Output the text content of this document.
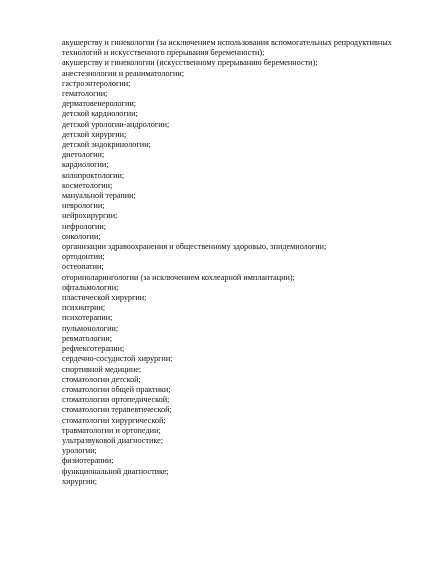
акушерству и гинекологии (за исключением использования вспомогательных репродуктивных технологий и искусственного прерывания беременности);
акушерству и гинекологии (искусственному прерыванию беременности);
анестезиологии и реаниматологии;
гастроэнтерологии;
гематологии;
дерматовенерологии;
детской кардиологии;
детской урологии-андрологии;
детской хирургии;
детской эндокринологии;
диетологии;
кардиологии;
колопроктологии;
косметологии;
мануальной терапии;
неврологии;
нейрохирургии;
нефрологии;
онкологии;
организации здравоохранения и общественному здоровью, эпидемиологии;
ортодонтии;
остеопатии;
оториноларингологии (за исключением кохлеарной имплантации);
офтальмологии;
пластической хирургии;
психиатрии;
психотерапии;
пульмонологии;
ревматологии;
рефлексотерапии;
сердечно-сосудистой хирургии;
спортивной медицине;
стоматологии детской;
стоматологии общей практики;
стоматологии ортопедической;
стоматологии терапевтической;
стоматологии хирургической;
травматологии и ортопедии;
ультразвуковой диагностике;
урологии;
физиотерапии;
функциональной диагностике;
хирургии;
